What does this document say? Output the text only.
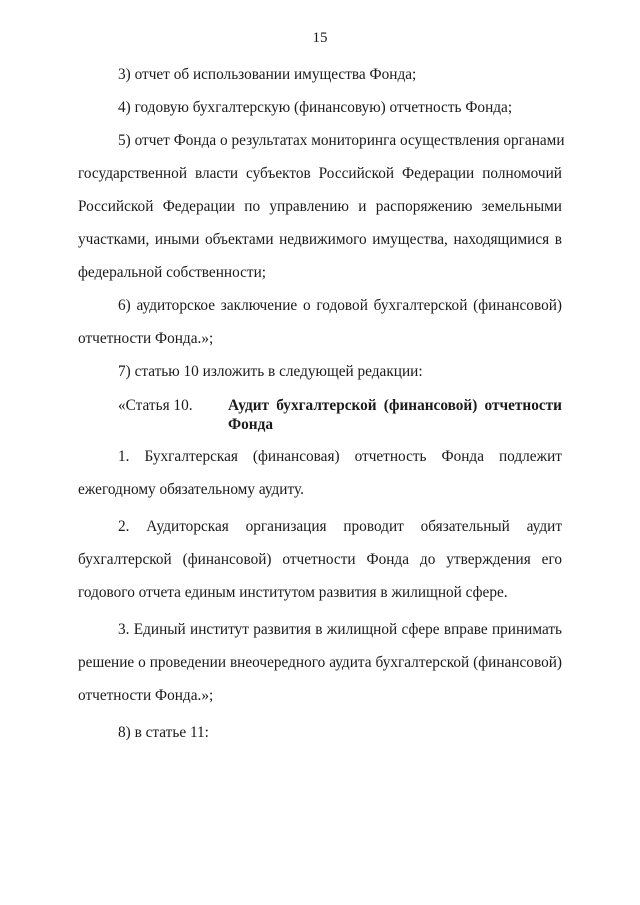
15
3) отчет об использовании имущества Фонда;
4) годовую бухгалтерскую (финансовую) отчетность Фонда;
5) отчет Фонда о результатах мониторинга осуществления органами
государственной власти субъектов Российской Федерации полномочий
Российской Федерации по управлению и распоряжению земельными
участками, иными объектами недвижимого имущества, находящимися в
федеральной собственности;
6) аудиторское заключение о годовой бухгалтерской (финансовой)
отчетности Фонда.»;
7) статью 10 изложить в следующей редакции:
«Статья 10. Аудит бухгалтерской (финансовой) отчетности
Фонда
1. Бухгалтерская (финансовая) отчетность Фонда подлежит
ежегодному обязательному аудиту.
2. Аудиторская организация проводит обязательный аудит
бухгалтерской (финансовой) отчетности Фонда до утверждения его
годового отчета единым институтом развития в жилищной сфере.
3. Единый институт развития в жилищной сфере вправе принимать
решение о проведении внеочередного аудита бухгалтерской (финансовой)
отчетности Фонда.»;
8) в статье 11:
